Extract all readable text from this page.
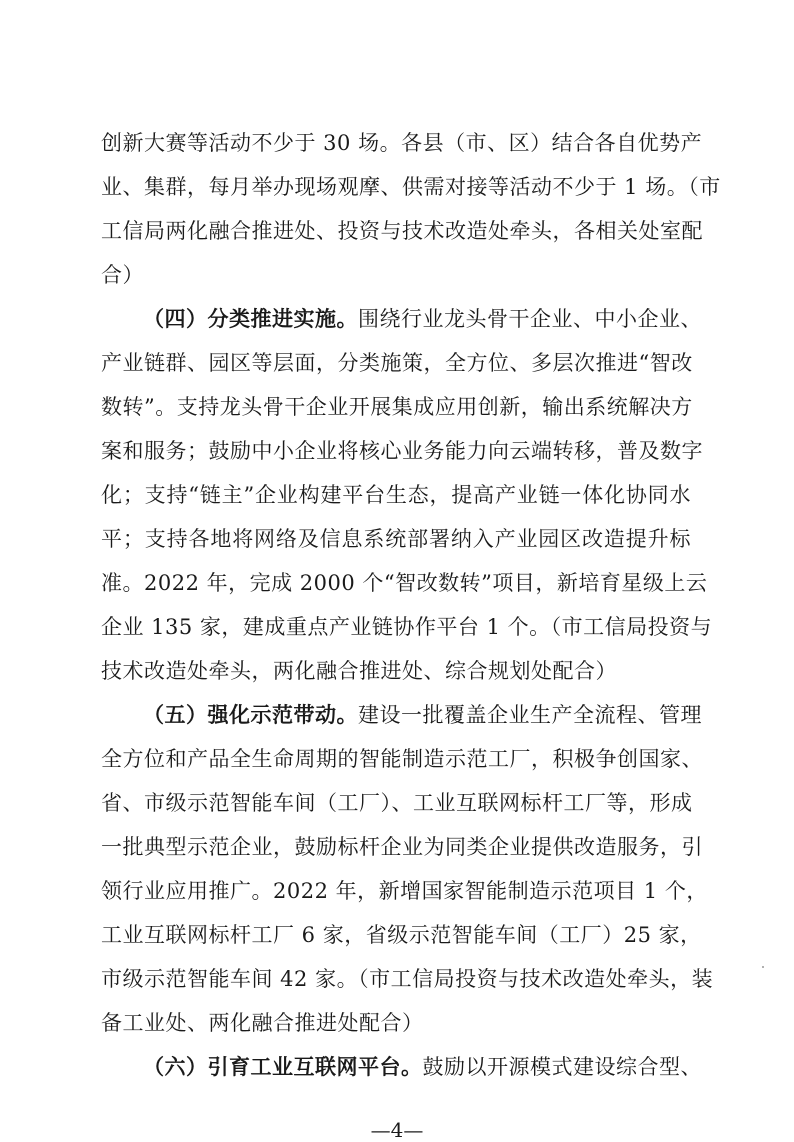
创新大赛等活动不少于 30 场。各县（市、区）结合各自优势产
业、集群，每月举办现场观摩、供需对接等活动不少于 1 场。（市
工信局两化融合推进处、投资与技术改造处牵头，各相关处室配
合）
（四）分类推进实施。围绕行业龙头骨干企业、中小企业、
产业链群、园区等层面，分类施策，全方位、多层次推进“智改
数转”。支持龙头骨干企业开展集成应用创新，输出系统解决方
案和服务；鼓励中小企业将核心业务能力向云端转移，普及数字
化；支持“链主”企业构建平台生态，提高产业链一体化协同水
平；支持各地将网络及信息系统部署纳入产业园区改造提升标
准。2022 年，完成 2000 个“智改数转”项目，新培育星级上云
企业 135 家，建成重点产业链协作平台 1 个。（市工信局投资与
技术改造处牵头，两化融合推进处、综合规划处配合）
（五）强化示范带动。建设一批覆盖企业生产全流程、管理
全方位和产品全生命周期的智能制造示范工厂，积极争创国家、
省、市级示范智能车间（工厂）、工业互联网标杆工厂等，形成
一批典型示范企业，鼓励标杆企业为同类企业提供改造服务，引
领行业应用推广。2022 年，新增国家智能制造示范项目 1 个，
工业互联网标杆工厂 6 家，省级示范智能车间（工厂）25 家，
市级示范智能车间 42 家。（市工信局投资与技术改造处牵头，装
备工业处、两化融合推进处配合）
（六）引育工业互联网平台。鼓励以开源模式建设综合型、
—4—
